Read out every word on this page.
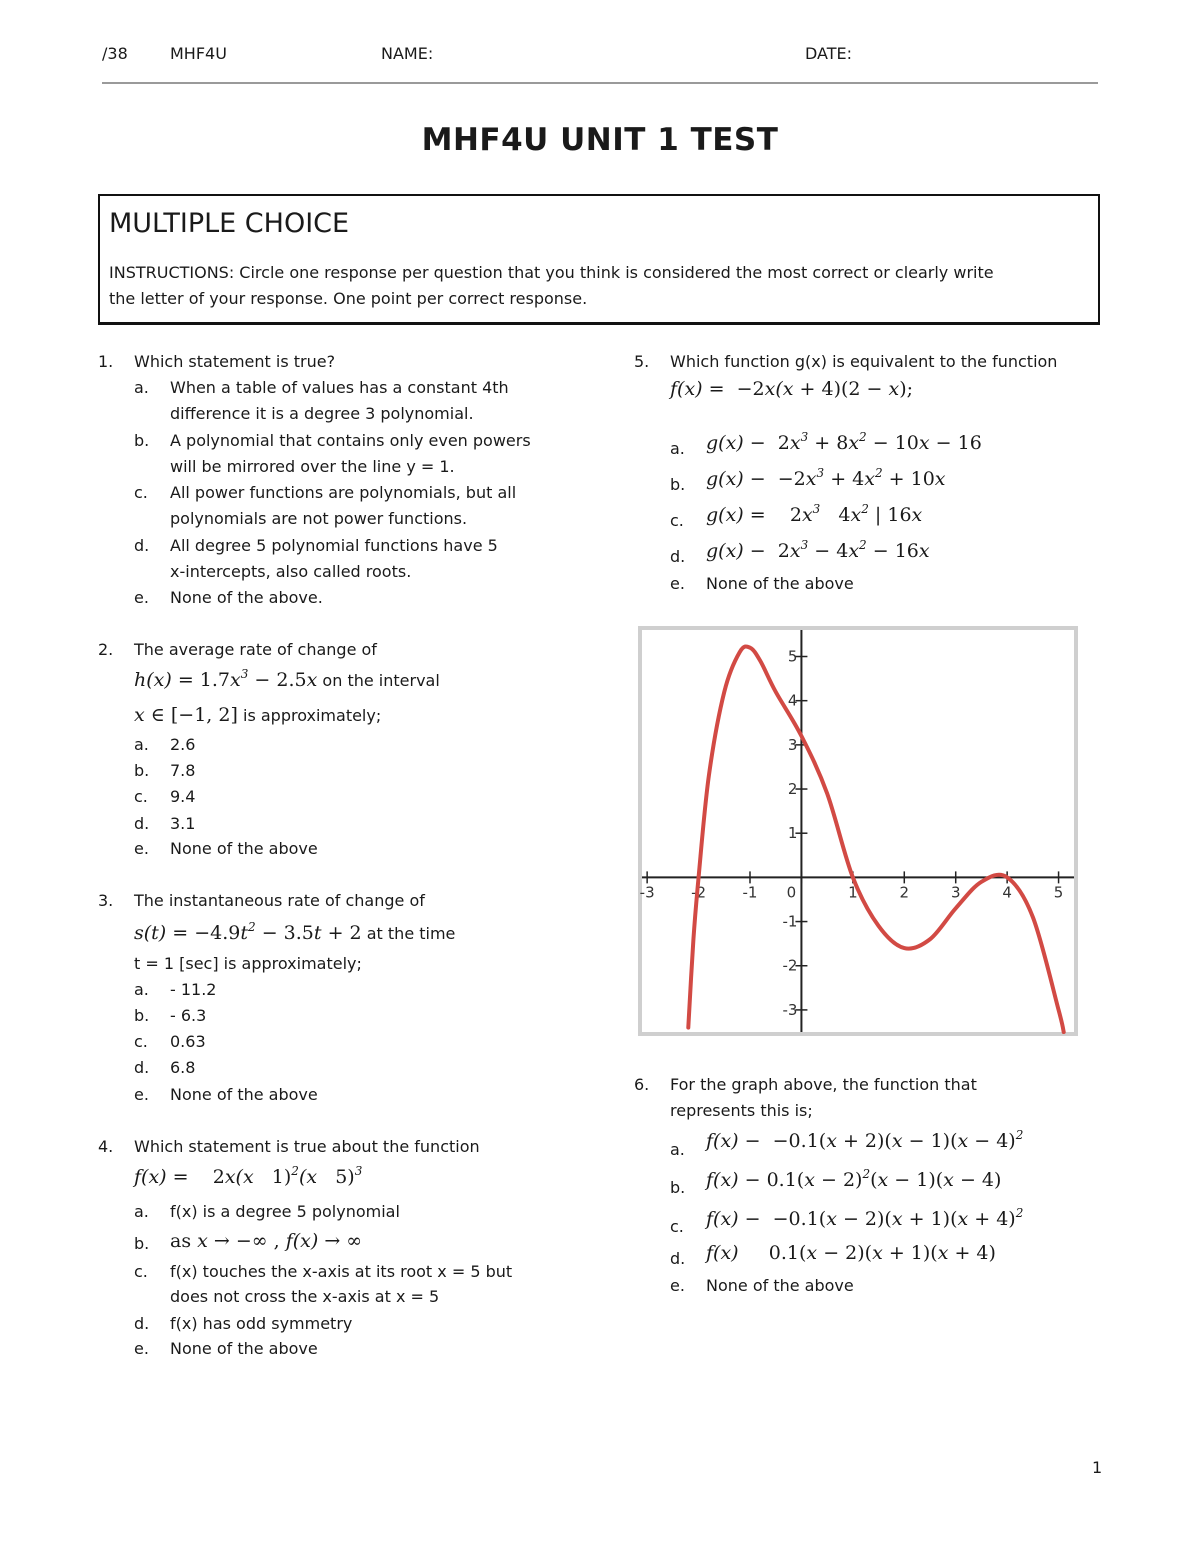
/38	MHF4U	NAME:	DATE:
MHF4U UNIT 1 TEST
MULTIPLE CHOICE
INSTRUCTIONS: Circle one response per question that you think is considered the most correct or clearly write
the letter of your response. One point per correct response.
1. Which statement is true?
a. When a table of values has a constant 4th
difference it is a degree 3 polynomial.
b. A polynomial that contains only even powers
will be mirrored over the line y = 1.
c. All power functions are polynomials, but all
polynomials are not power functions.
d. All degree 5 polynomial functions have 5
x-intercepts, also called roots.
e. None of the above.
2. The average rate of change of
$h(x) = 1.7x^3 - 2.5x$ on the interval
x ∈ [−1, 2] is approximately;
a. 2.6
b. 7.8
c. 9.4
d. 3.1
e. None of the above
3. The instantaneous rate of change of
$s(t) = -4.9t^2 - 3.5t + 2$ at the time
t = 1 [sec] is approximately;
a. - 11.2
b. - 6.3
c. 0.63
d. 6.8
e. None of the above
4. Which statement is true about the function
f(x) = 2x(x   1)$^2$(x   5)$^3$
a. f(x) is a degree 5 polynomial
b. as x → −∞ , f(x) → ∞
c. f(x) touches the x-axis at its root x = 5 but
does not cross the x-axis at x = 5
d. f(x) has odd symmetry
e. None of the above
5. Which function g(x) is equivalent to the function
f(x) = −2x(x + 4)(2 − x);
a. $g(x) - 2x^3 + 8x^2 - 10x - 16$
b. $g(x) - -2x^3 + 4x^2 + 10x$
c. $g(x) = 2x^3$ $4x^2$ | 16x
d. $g(x) - 2x^3 - 4x^2 - 16x$
e. None of the above
-3 -2 -1 0	1	2	3	4	5
-3
-2
-1
1
2
3
4
5
6. For the graph above, the function that
represents this is;
a. $f(x) - -0.1(x + 2)(x - 1)(x - 4)^2$
b. $f(x) - 0.1(x - 2)^2(x - 1)(x - 4)$
c. $f(x) - -0.1(x - 2)(x + 1)(x + 4)^2$
d. f(x)     0.1(x − 2)(x + 1)(x + 4)
e. None of the above
1
